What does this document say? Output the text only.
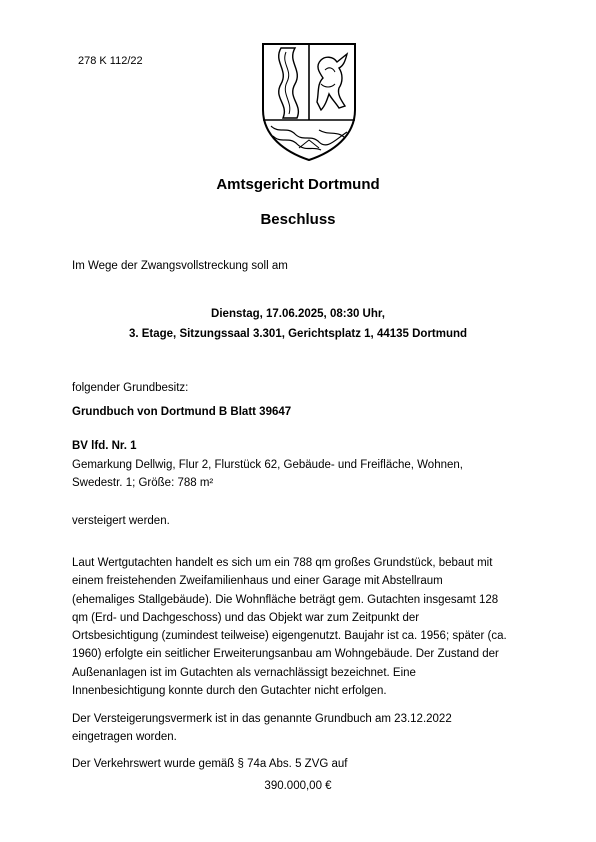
278 K 112/22
Amtsgericht Dortmund
Beschluss
Im Wege der Zwangsvollstreckung soll am
Dienstag, 17.06.2025, 08:30 Uhr,
3. Etage, Sitzungssaal 3.301, Gerichtsplatz 1, 44135 Dortmund
folgender Grundbesitz:
Grundbuch von Dortmund B Blatt 39647
BV lfd. Nr. 1
Gemarkung Dellwig, Flur 2, Flurstück 62, Gebäude- und Freifläche, Wohnen,
Swedestr. 1; Größe: 788 m²
versteigert werden.
Laut Wertgutachten handelt es sich um ein 788 qm großes Grundstück, bebaut mit
einem freistehenden Zweifamilienhaus und einer Garage mit Abstellraum
(ehemaliges Stallgebäude). Die Wohnfläche beträgt gem. Gutachten insgesamt 128
qm (Erd- und Dachgeschoss) und das Objekt war zum Zeitpunkt der
Ortsbesichtigung (zumindest teilweise) eigengenutzt. Baujahr ist ca. 1956; später (ca.
1960) erfolgte ein seitlicher Erweiterungsanbau am Wohngebäude. Der Zustand der
Außenanlagen ist im Gutachten als vernachlässigt bezeichnet. Eine
Innenbesichtigung konnte durch den Gutachter nicht erfolgen.
Der Versteigerungsvermerk ist in das genannte Grundbuch am 23.12.2022
eingetragen worden.
Der Verkehrswert wurde gemäß § 74a Abs. 5 ZVG auf
390.000,00 €
